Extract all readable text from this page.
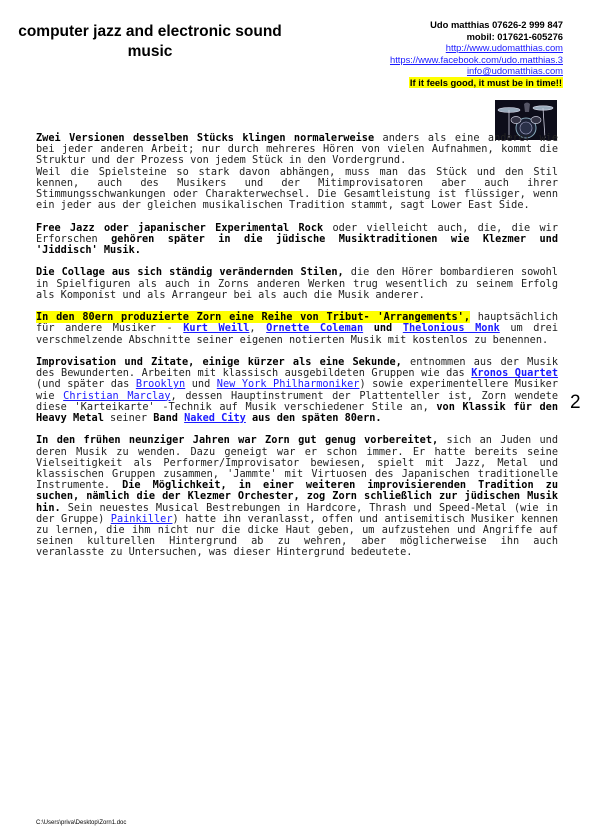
computer jazz and electronic sound
music
Udo matthias 07626-2 999 847
mobil: 017621-605276
http://www.udomatthias.com
https://www.facebook.com/udo.matthias.3
info@udomatthias.com
If it feels good, it must be in time!!

Zwei Versionen desselben Stücks klingen normalerweise anders als eine anderer wie bei jeder anderen Arbeit; nur durch mehreres Hören von vielen Aufnahmen, kommt die Struktur und der Prozess von jedem Stück in den Vordergrund.
Weil die Spielsteine so stark davon abhängen, muss man das Stück und den Stil kennen, auch des Musikers und der Mitimprovisatoren aber auch ihrer Stimmungsschwankungen oder Charakterwechsel. Die Gesamtleistung ist flüssiger, wenn ein jeder aus der gleichen musikalischen Tradition stammt, sagt Lower East Side.

Free Jazz oder japanischer Experimental Rock oder vielleicht auch, die, die wir Erforschen gehören später in die jüdische Musiktraditionen wie Klezmer und 'Jiddisch' Musik.

Die Collage aus sich ständig verändernden Stilen, die den Hörer bombardieren sowohl in Spielfiguren als auch in Zorns anderen Werken trug wesentlich zu seinem Erfolg als Komponist und als Arrangeur bei als auch die Musik anderer.

In den 80ern produzierte Zorn eine Reihe von Tribut- 'Arrangements', hauptsächlich für andere Musiker - Kurt Weill, Ornette Coleman und Thelonious Monk um drei verschmelzende Abschnitte seiner eigenen notierten Musik mit kostenlos zu benennen.

Improvisation und Zitate, einige kürzer als eine Sekunde, entnommen aus der Musik des Bewunderten. Arbeiten mit klassisch ausgebildeten Gruppen wie das Kronos Quartet (und später das Brooklyn und New York Philharmoniker) sowie experimentellere Musiker wie Christian Marclay, dessen Hauptinstrument der Plattenteller ist, Zorn wendete diese 'Karteikarte' -Technik auf Musik verschiedener Stile an, von Klassik für den Heavy Metal seiner Band Naked City aus den späten 80ern.

In den frühen neunziger Jahren war Zorn gut genug vorbereitet, sich an Juden und deren Musik zu wenden. Dazu geneigt war er schon immer. Er hatte bereits seine Vielseitigkeit als Performer/Improvisator bewiesen, spielt mit Jazz, Metal und klassischen Gruppen zusammen, 'Jammte' mit Virtuosen des Japanischen traditionelle Instrumente. Die Möglichkeit, in einer weiteren improvisierenden Tradition zu suchen, nämlich die der Klezmer Orchester, zog Zorn schließlich zur jüdischen Musik hin. Sein neuestes Musical Bestrebungen in Hardcore, Thrash und Speed-Metal (wie in der Gruppe) Painkiller) hatte ihn veranlasst, offen und antisemitisch Musiker kennen zu lernen, die ihm nicht nur die dicke Haut geben, um aufzustehen und Angriffe auf seinen kulturellen Hintergrund ab zu wehren, aber möglicherweise ihn auch veranlasste zu Untersuchen, was dieser Hintergrund bedeutete.

2
C:\Users\priva\Desktop\Zorn1.doc
